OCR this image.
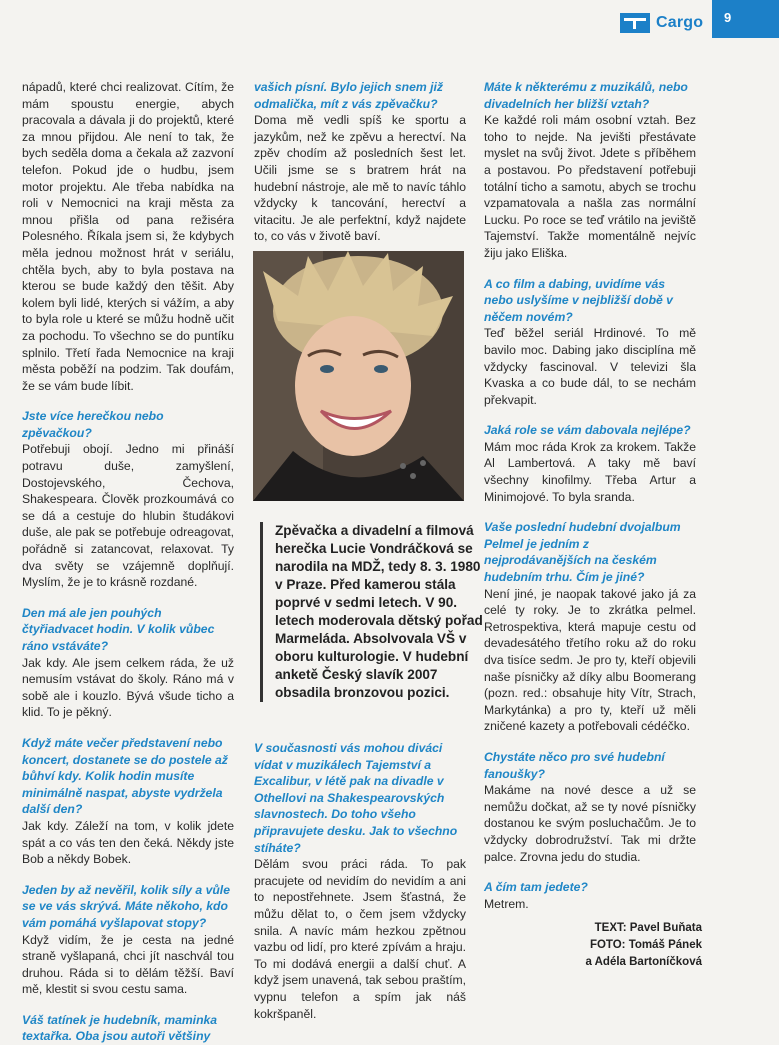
Cargo	9

nápadů, které chci realizovat. Cítím, že mám spoustu energie, abych pracovala a dávala ji do projektů, které za mnou přijdou. Ale není to tak, že bych seděla doma a čekala až zazvoní telefon. Pokud jde o hudbu, jsem motor projektu. Ale třeba nabídka na roli v Nemocnici na kraji města za mnou přišla od pana režiséra Polesného. Říkala jsem si, že kdybych měla jednou možnost hrát v seriálu, chtěla bych, aby to byla postava na kterou se bude každý den těšit. Aby kolem byli lidé, kterých si vážím, a aby to byla role u které se můžu hodně učit za pochodu. To všechno se do puntíku splnilo. Třetí řada Nemocnice na kraji města poběží na podzim. Tak doufám, že se vám bude líbit.

Jste více herečkou nebo zpěvačkou?

Potřebuji obojí. Jedno mi přináší potravu duše, zamyšlení, Dostojevského, Čechova, Shakespeara. Člověk prozkoumává co se dá a cestuje do hlubin študákovi duše, ale pak se potřebuje odreagovat, pořádně si zatancovat, relaxovat. Ty dva světy se vzájemně doplňují. Myslím, že je to krásně rozdané.

Den má ale jen pouhých čtyřiadvacet hodin. V kolik vůbec ráno vstáváte?

Jak kdy. Ale jsem celkem ráda, že už nemusím vstávat do školy. Ráno má v sobě ale i kouzlo. Bývá všude ticho a klid. To je pěkný.

Když máte večer představení nebo koncert, dostanete se do postele až bůhví kdy. Kolik hodin musíte minimálně naspat, abyste vydržela další den?

Jak kdy. Záleží na tom, v kolik jdete spát a co vás ten den čeká. Někdy jste Bob a někdy Bobek.

Jeden by až nevěřil, kolik síly a vůle se ve vás skrývá. Máte někoho, kdo vám pomáhá vyšlapovat stopy?

Když vidím, že je cesta na jedné straně vyšlapaná, chci jít naschvál tou druhou. Ráda si to dělám těžší. Baví mě, klestit si svou cestu sama.

Váš tatínek je hudebník, maminka textařka. Oba jsou autoři většiny
vašich písní. Bylo jejich snem již odmalička, mít z vás zpěvačku?

Doma mě vedli spíš ke sportu a jazykům, než ke zpěvu a herectví. Na zpěv chodím až posledních šest let. Učili jsme se s bratrem hrát na hudební nástroje, ale mě to navíc táhlo vždycky k tancování, herectví a vitacitu. Je ale perfektní, když najdete to, co vás v životě baví.

Zpěvačka a divadelní a filmová herečka Lucie Vondráčková se narodila na MDŽ, tedy 8. 3. 1980 v Praze. Před kamerou stála poprvé v sedmi letech. V 90. letech moderovala dětský pořad Marmeláda. Absolvovala VŠ v oboru kulturologie. V hudební anketě Český slavík 2007 obsadila bronzovou pozici.
V současnosti vás mohou diváci vídat v muzikálech Tajemství a Excalibur, v létě pak na divadle v Othellovi na Shakespearovských slavnostech. Do toho všeho připravujete desku. Jak to všechno stíháte?

Dělám svou práci ráda. To pak pracujete od nevidím do nevidím a ani to nepostřehnete. Jsem šťastná, že můžu dělat to, o čem jsem vždycky snila. A navíc mám hezkou zpětnou vazbu od lidí, pro které zpívám a hraju. To mi dodává energii a další chuť. A když jsem unavená, tak sebou praštím, vypnu telefon a spím jak náš kokršpaněl.

Máte k některému z muzikálů, nebo divadelních her bližší vztah?

Ke každé roli mám osobní vztah. Bez toho to nejde. Na jevišti přestávate myslet na svůj život. Jdete s příběhem a postavou. Po představení potřebuji totální ticho a samotu, abych se trochu vzpamatovala a našla zas normální Lucku. Po roce se teď vrátilo na jeviště Tajemství. Takže momentálně nejvíc žiju jako Eliška.

A co film a dabing, uvidíme vás nebo uslyšíme v nejbližší době v něčem novém?

Teď běžel seriál Hrdinové. To mě bavilo moc. Dabing jako disciplína mě vždycky fascinoval. V televizi šla Kvaska a co bude dál, to se nechám překvapit.

Jaká role se vám dabovala nejlépe?

Mám moc ráda Krok za krokem. Takže Al Lambertová. A taky mě baví všechny kinofilmy. Třeba Artur a Minimojové. To byla sranda.

Vaše poslední hudební dvojalbum Pelmel je jedním z nejprodávanějších na českém hudebním trhu. Čím je jiné?

Není jiné, je naopak takové jako já za celé ty roky. Je to zkrátka pelmel. Retrospektiva, která mapuje cestu od devadesátého třetího roku až do roku dva tisíce sedm. Je pro ty, kteří objevili naše písničky až díky albu Boomerang (pozn. red.: obsahuje hity Vítr, Strach, Markytánka) a pro ty, kteří už měli zničené kazety a potřebovali cédéčko.

Chystáte něco pro své hudební fanoušky?

Makáme na nové desce a už se nemůžu dočkat, až se ty nové písničky dostanou ke svým posluchačům. Je to vždycky dobrodružství. Tak mi držte palce. Zrovna jedu do studia.

A čím tam jedete?

Metrem.

TEXT: Pavel Buňata
FOTO: Tomáš Pánek
a Adéla Bartoníčková
